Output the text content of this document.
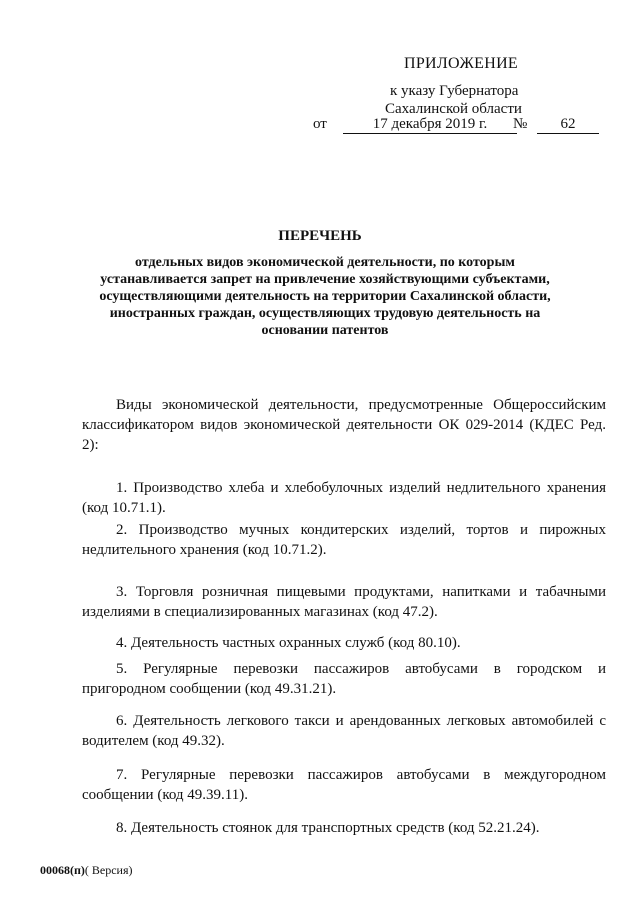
ПРИЛОЖЕНИЕ
к указу Губернатора
Сахалинской области
от	17 декабря 2019 г.	№	62
ПЕРЕЧЕНЬ
отдельных видов экономической деятельности, по которым устанавливается запрет на привлечение хозяйствующими субъектами, осуществляющими деятельность на территории Сахалинской области, иностранных граждан, осуществляющих трудовую деятельность на основании патентов

Виды экономической деятельности, предусмотренные Общероссийским классификатором видов экономической деятельности ОК 029-2014 (КДЕС Ред. 2):

1. Производство хлеба и хлебобулочных изделий недлительного хранения (код 10.71.1).

2. Производство мучных кондитерских изделий, тортов и пирожных недлительного хранения (код 10.71.2).

3. Торговля розничная пищевыми продуктами, напитками и табачными изделиями в специализированных магазинах (код 47.2).

4. Деятельность частных охранных служб (код 80.10).

5. Регулярные перевозки пассажиров автобусами в городском и пригородном сообщении (код 49.31.21).

6. Деятельность легкового такси и арендованных легковых автомобилей с водителем (код 49.32).

7. Регулярные перевозки пассажиров автобусами в междугородном сообщении (код 49.39.11).

8. Деятельность стоянок для транспортных средств (код 52.21.24).

00068(п)( Версия)
